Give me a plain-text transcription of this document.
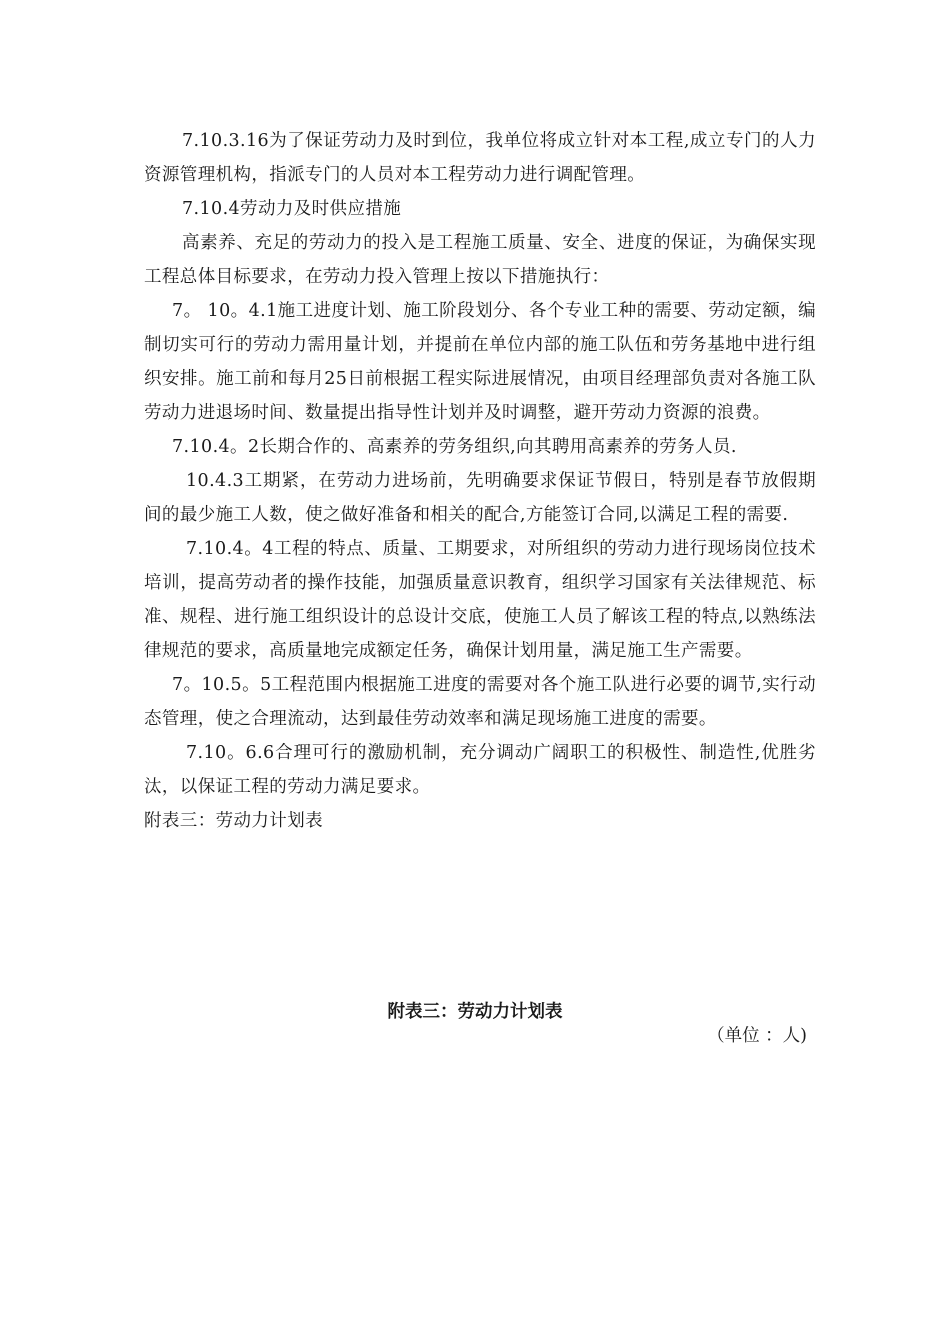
7.10.3.16为了保证劳动力及时到位，我单位将成立针对本工程,成立专门的人力资源管理机构，指派专门的人员对本工程劳动力进行调配管理。

7.10.4劳动力及时供应措施

高素养、充足的劳动力的投入是工程施工质量、安全、进度的保证，为确保实现工程总体目标要求，在劳动力投入管理上按以下措施执行：

7。 10。4.1施工进度计划、施工阶段划分、各个专业工种的需要、劳动定额，编制切实可行的劳动力需用量计划，并提前在单位内部的施工队伍和劳务基地中进行组织安排。施工前和每月25日前根据工程实际进展情况，由项目经理部负责对各施工队劳动力进退场时间、数量提出指导性计划并及时调整，避开劳动力资源的浪费。

7.10.4。2长期合作的、高素养的劳务组织,向其聘用高素养的劳务人员.

10.4.3工期紧，在劳动力进场前，先明确要求保证节假日，特别是春节放假期间的最少施工人数，使之做好准备和相关的配合,方能签订合同,以满足工程的需要.

7.10.4。4工程的特点、质量、工期要求，对所组织的劳动力进行现场岗位技术培训，提高劳动者的操作技能，加强质量意识教育，组织学习国家有关法律规范、标准、规程、进行施工组织设计的总设计交底，使施工人员了解该工程的特点,以熟练法律规范的要求，高质量地完成额定任务，确保计划用量，满足施工生产需要。

7。10.5。5工程范围内根据施工进度的需要对各个施工队进行必要的调节,实行动态管理，使之合理流动，达到最佳劳动效率和满足现场施工进度的需要。

7.10。6.6合理可行的激励机制，充分调动广阔职工的积极性、制造性,优胜劣汰，以保证工程的劳动力满足要求。

附表三：劳动力计划表

附表三：劳动力计划表
（单位 ：人)
